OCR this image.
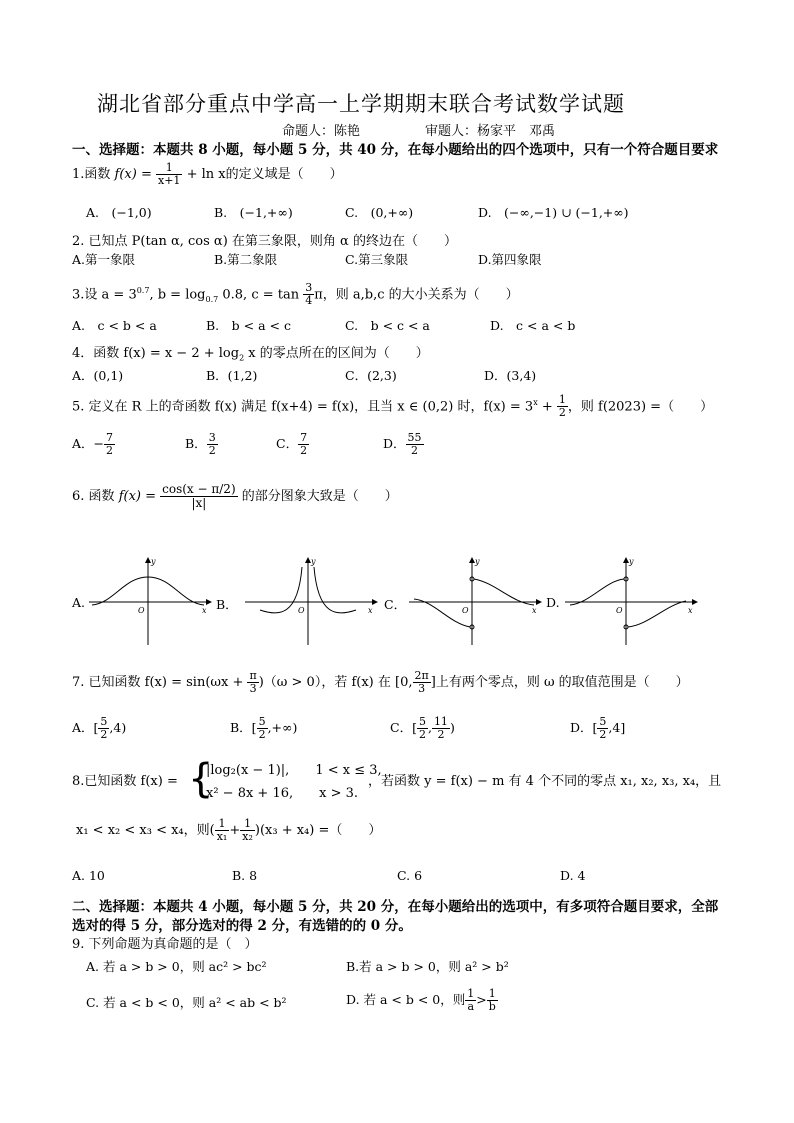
湖北省部分重点中学高一上学期期末联合考试数学试题
命题人：陈艳　　　　　审题人：杨家平　邓禹
一、选择题：本题共 8 小题，每小题 5 分，共 40 分，在每小题给出的四个选项中，只有一个符合题目要求
1.函数 $f(x) = \frac{1}{x+1} + \ln x$的定义域是（　　）
A.　(−1,0)	B.　(−1,+∞)	C.　(0,+∞)	D.　(−∞,−1) ∪ (−1,+∞)
2. 已知点 P(tan α, cos α) 在第三象限，则角 α 的终边在（　　）
A.第一象限	B.第二象限	C.第三象限	D.第四象限
3.设 $a = 3^{0.7}$, $b = \log_{0.7} 0.8$, $c = \tan \frac{3}{4}$ π，则 a,b,c 的大小关系为（　　）
A.　c < b < a	B.　b < a < c	C.　b < c < a	D.　c < a < b
4．函数 $f(x) = x - 2 + \log_2 x$ 的零点所在的区间为（　　）
A．(0,1)	B．(1,2)	C．(2,3)	D．(3,4)
5. 定义在 R 上的奇函数 f(x) 满足 f(x+4) = f(x)，且当 x ∈ (0,2) 时，$f(x) = 3^x + \frac{1}{2}$ ，则 f(2023) =（　　）
A．− $\frac{7}{2}$	B． $\frac{3}{2}$	C． $\frac{7}{2}$	D． $\frac{55}{2}$
6. 函数 $f(x) = \frac{\cos(x - \pi/2)}{|x|}$ 的部分图象大致是（　　）
A.
O
y
x B．	O
y
x C．	O
y
x
D.
O
y
x
7. 已知函数 $f(x) = \sin(\omega x + \frac{\pi}{3} )(\omega > 0)$，若 f(x) 在 [0, $\frac{2\pi}{3}$ ]上有两个零点，则 ω 的取值范围是（　　）
A．[ $\frac{5}{2} ,4$)	B．[ $\frac{5}{2}$ ,+∞)	C．[ $\frac{5}{2}$ , $\frac{11}{2}$ )	D．[ $\frac{5}{2} ,4$]
8.已知函数 f(x) = {
|log₂(x − 1)|,　　1 < x ≤ 3,
x² − 8x + 16,　　x > 3.
，若函数 y = f(x) − m 有 4 个不同的零点 x₁, x₂, x₃, x₄，且
x₁ < x₂ < x₃ < x₄，则( $\frac{1}{\text{x₁}} + \frac{1}{\text{x₂}} )(x_3 + x_4)$ =（　　）
A. 10	B. 8	C. 6	D. 4
二、选择题：本题共 4 小题，每小题 5 分，共 20 分，在每小题给出的选项中，有多项符合题目要求，全部
选对的得 5 分，部分选对的得 2 分，有选错的的 0 分。
9. 下列命题为真命题的是（　）
A. 若 a > b > 0，则 ac² > bc²	B.若 a > b > 0，则 a² > b²
C. 若 a < b < 0，则 a² < ab < b²	D. 若 a < b < 0，则 $\frac{1}{a} > \frac{1}{b}$
